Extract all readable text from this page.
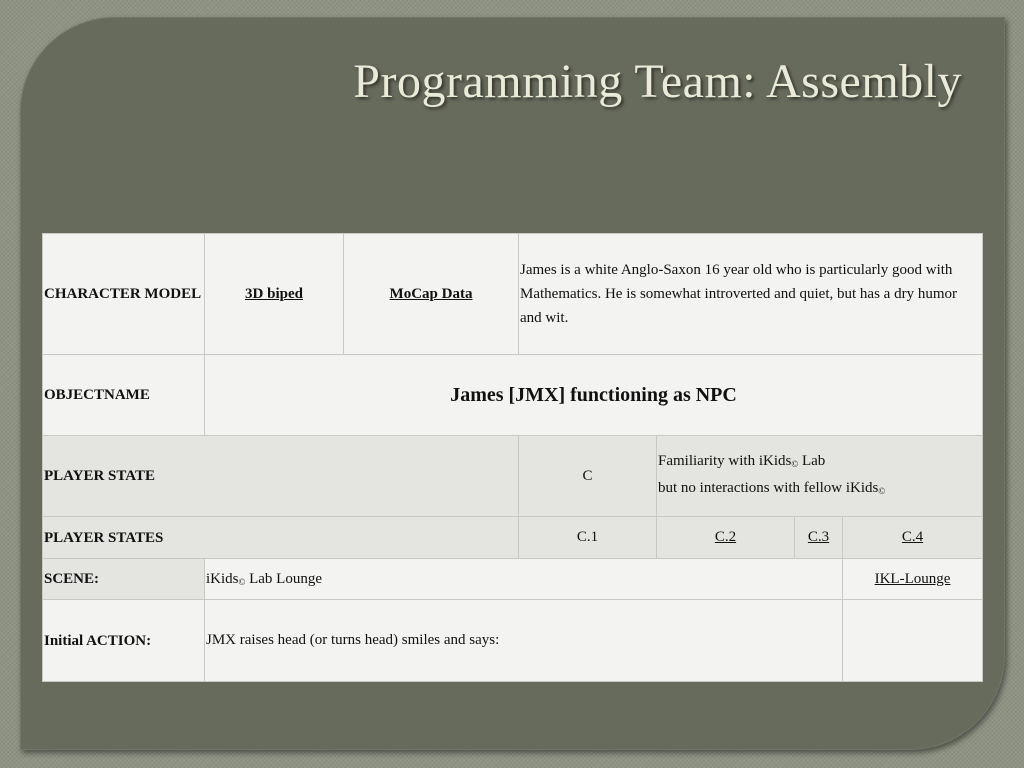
Programming Team: Assembly
CHARACTER MODEL	3D biped	MoCap Data	James is a white Anglo-Saxon 16 year old who is particularly good with Mathematics. He is somewhat introverted and quiet, but has a dry humor and wit.			
OBJECTNAME	James [JMX] functioning as NPC					
PLAYER STATE			C	Familiarity with iKids$_©$ Lab
but no interactions with fellow iKids$_©$
PLAYER STATES			C.1	C.2	C.3	C.4
SCENE:	iKids$_©$ Lab Lounge					IKL-Lounge
Initial ACTION:	JMX raises head (or turns head) smiles and says:					
